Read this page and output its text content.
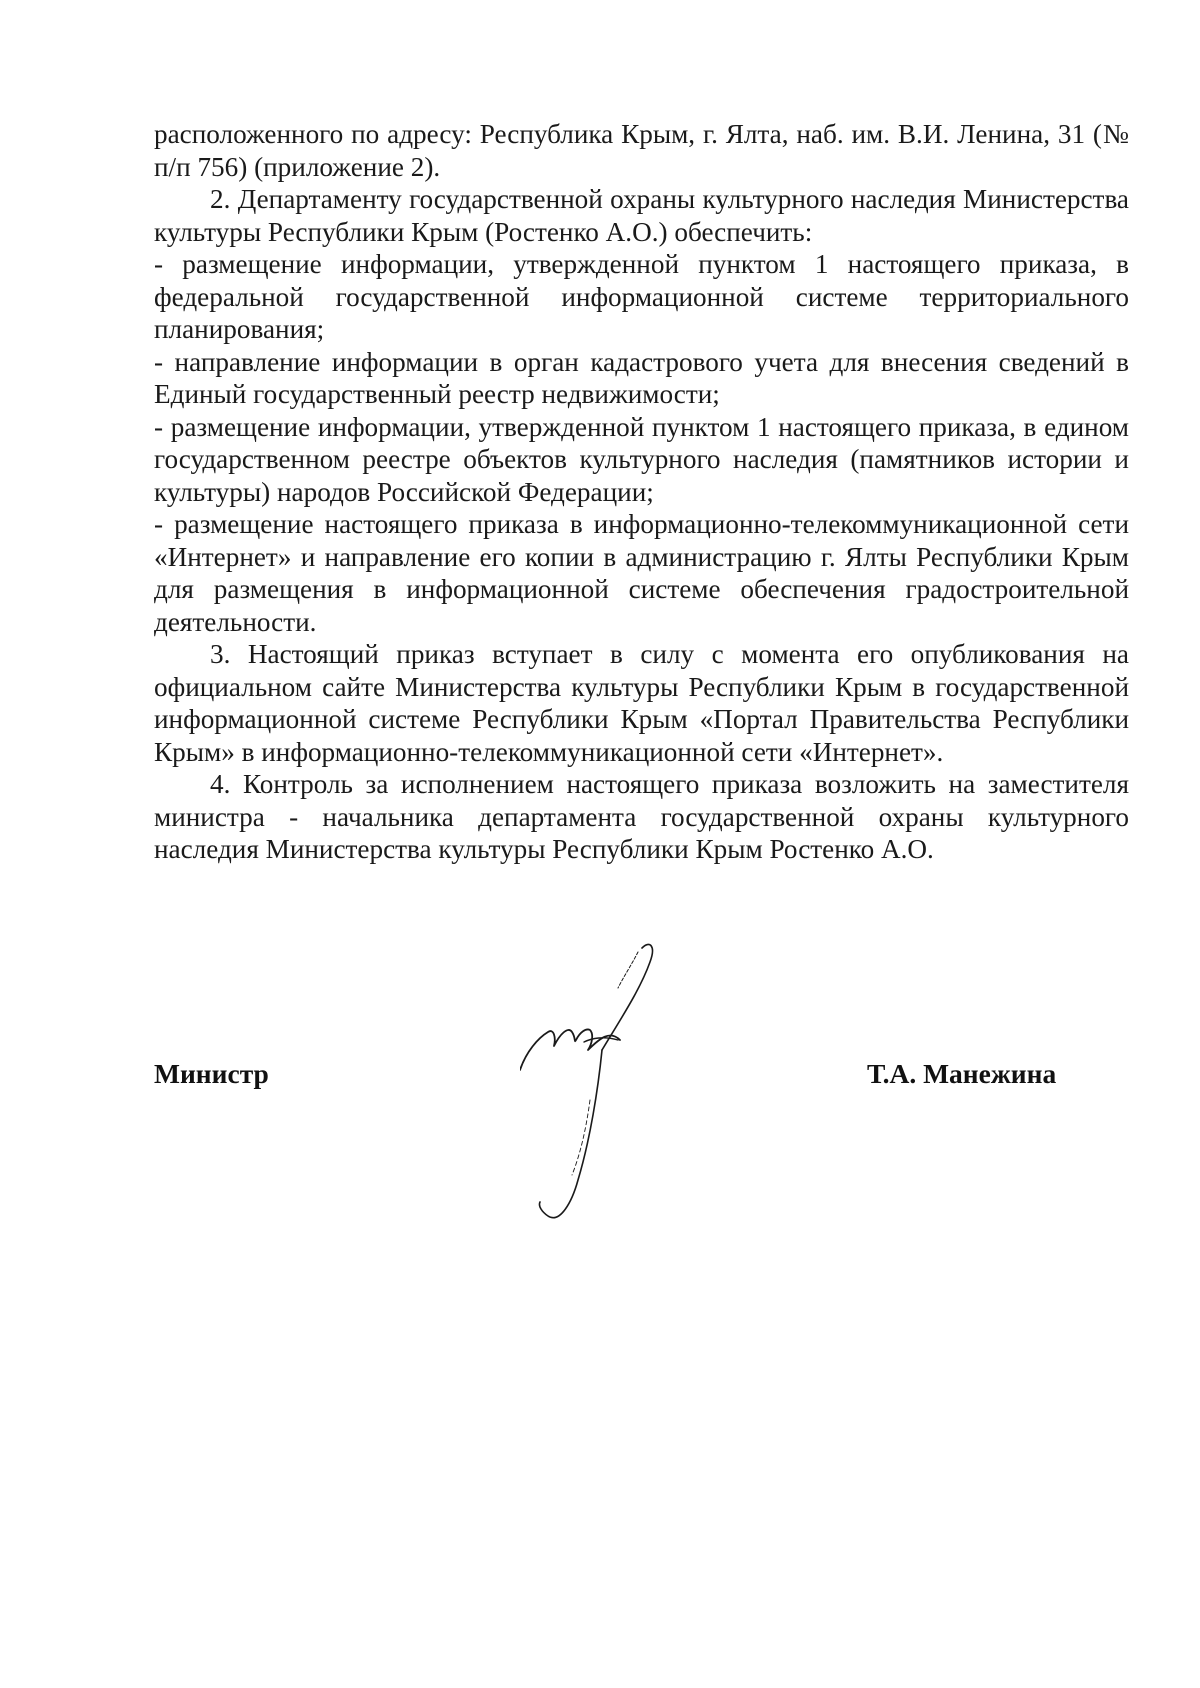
расположенного по адресу: Республика Крым, г. Ялта, наб. им. В.И. Ленина, 31 (№ п/п 756) (приложение 2).

2. Департаменту государственной охраны культурного наследия Министерства культуры Республики Крым (Ростенко А.О.) обеспечить:

- размещение информации, утвержденной пунктом 1 настоящего приказа, в федеральной государственной информационной системе территориального планирования;

- направление информации в орган кадастрового учета для внесения сведений в Единый государственный реестр недвижимости;

- размещение информации, утвержденной пунктом 1 настоящего приказа, в едином государственном реестре объектов культурного наследия (памятников истории и культуры) народов Российской Федерации;

- размещение настоящего приказа в информационно-телекоммуникационной сети «Интернет» и направление его копии в администрацию г. Ялты Республики Крым для размещения в информационной системе обеспечения градостроительной деятельности.

3. Настоящий приказ вступает в силу с момента его опубликования на официальном сайте Министерства культуры Республики Крым в государственной информационной системе Республики Крым «Портал Правительства Республики Крым» в информационно-телекоммуникационной сети «Интернет».

4. Контроль за исполнением настоящего приказа возложить на заместителя министра - начальника департамента государственной охраны культурного наследия Министерства культуры Республики Крым Ростенко А.О.

Министр	Т.А. Манежина
